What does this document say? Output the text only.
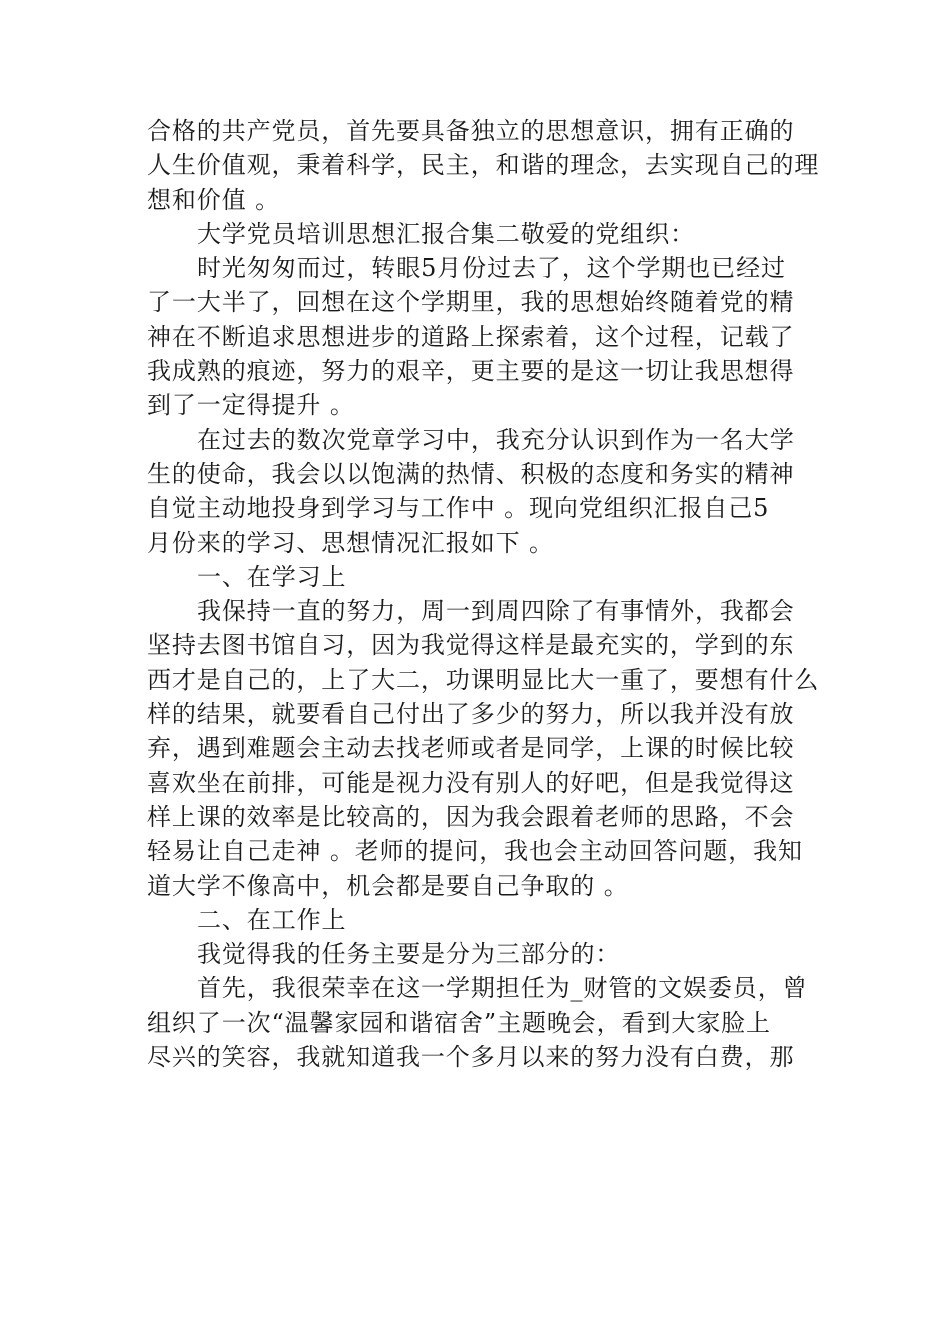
合格的共产党员，首先要具备独立的思想意识，拥有正确的
人生价值观，秉着科学，民主，和谐的理念，去实现自己的理
想和价值 。
大学党员培训思想汇报合集二敬爱的党组织：
时光匆匆而过，转眼5月份过去了，这个学期也已经过
了一大半了，回想在这个学期里，我的思想始终随着党的精
神在不断追求思想进步的道路上探索着，这个过程，记载了
我成熟的痕迹，努力的艰辛，更主要的是这一切让我思想得
到了一定得提升 。
在过去的数次党章学习中，我充分认识到作为一名大学
生的使命，我会以以饱满的热情、积极的态度和务实的精神
自觉主动地投身到学习与工作中 。现向党组织汇报自己5
月份来的学习、思想情况汇报如下 。
一、在学习上
我保持一直的努力，周一到周四除了有事情外，我都会
坚持去图书馆自习，因为我觉得这样是最充实的，学到的东
西才是自己的，上了大二，功课明显比大一重了，要想有什么
样的结果，就要看自己付出了多少的努力，所以我并没有放
弃，遇到难题会主动去找老师或者是同学，上课的时候比较
喜欢坐在前排，可能是视力没有别人的好吧，但是我觉得这
样上课的效率是比较高的，因为我会跟着老师的思路，不会
轻易让自己走神 。老师的提问，我也会主动回答问题，我知
道大学不像高中，机会都是要自己争取的 。
二、在工作上
我觉得我的任务主要是分为三部分的：
首先，我很荣幸在这一学期担任为_财管的文娱委员，曾
组织了一次“温馨家园和谐宿舍”主题晚会，看到大家脸上
尽兴的笑容，我就知道我一个多月以来的努力没有白费，那
